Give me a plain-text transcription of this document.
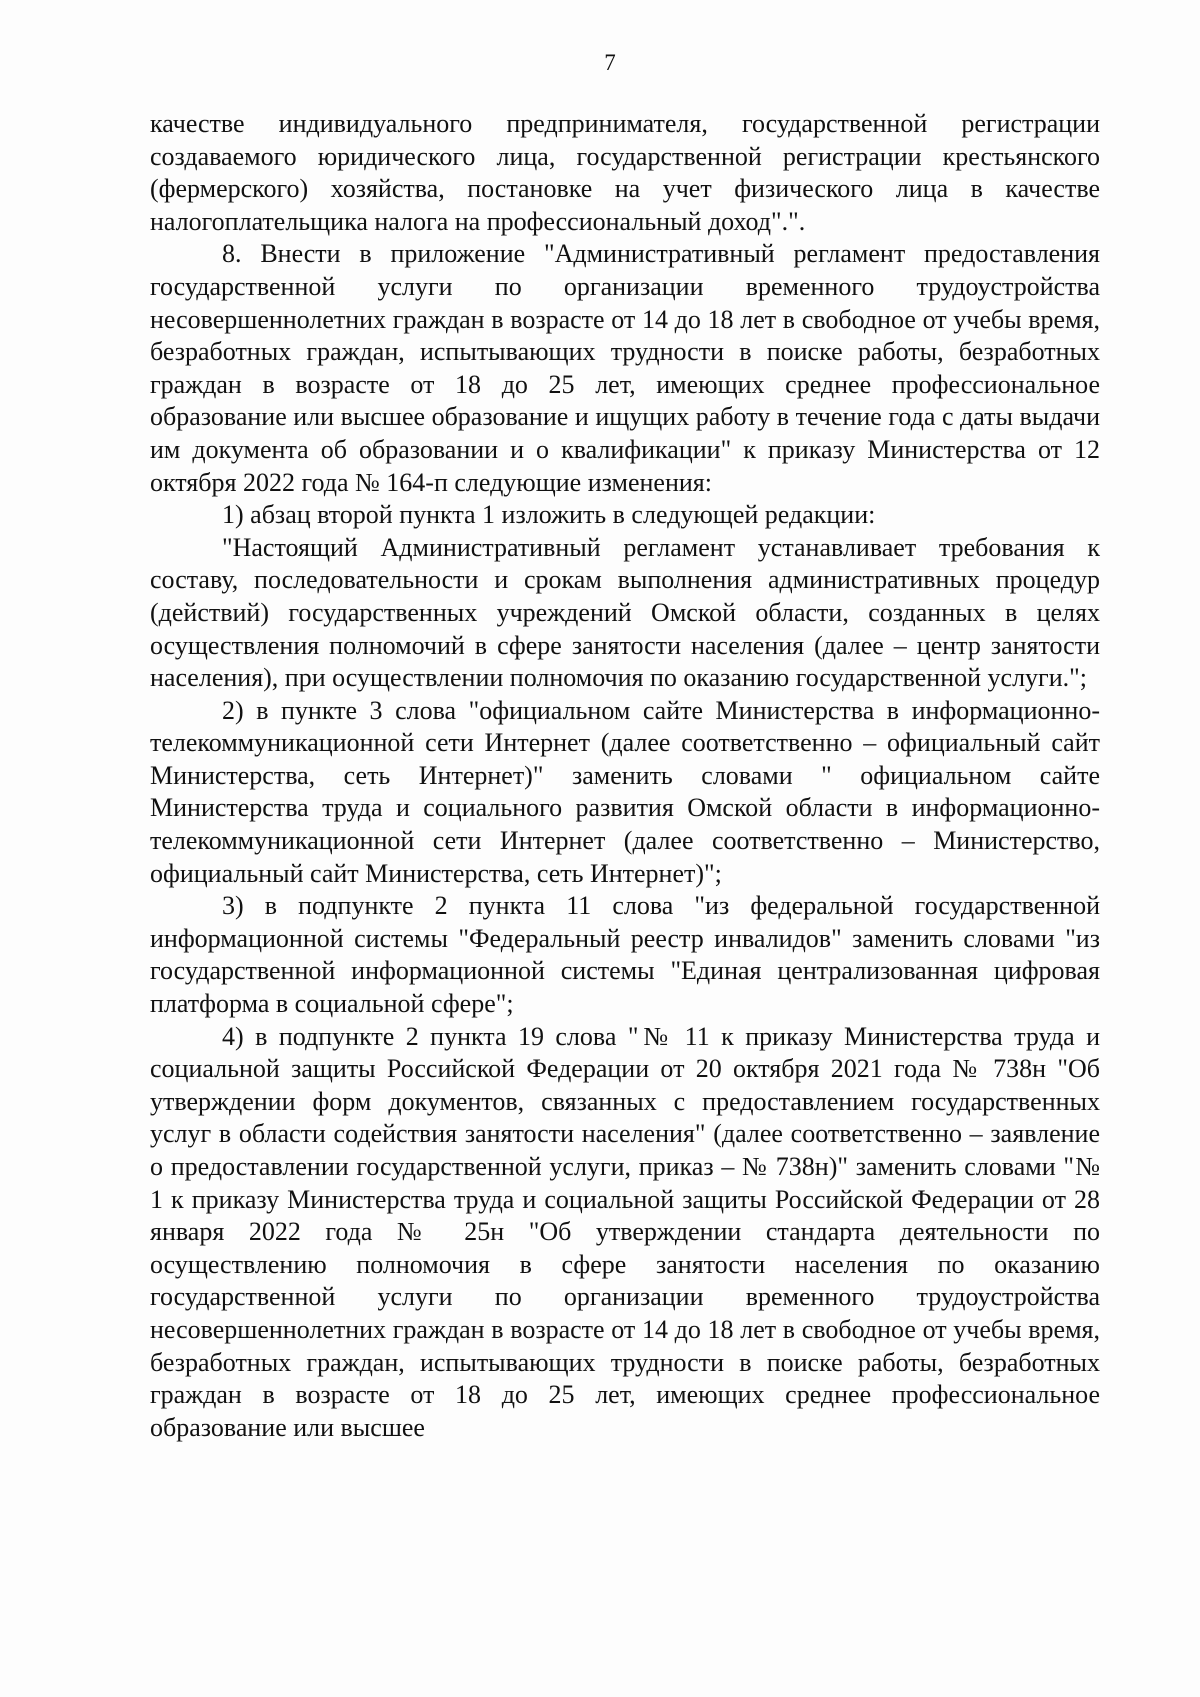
7

качестве индивидуального предпринимателя, государственной регистрации создаваемого юридического лица, государственной регистрации крестьянского (фермерского) хозяйства, постановке на учет физического лица в качестве налогоплательщика налога на профессиональный доход".".

8. Внести в приложение "Административный регламент предоставления государственной услуги по организации временного трудоустройства несовершеннолетних граждан в возрасте от 14 до 18 лет в свободное от учебы время, безработных граждан, испытывающих трудности в поиске работы, безработных граждан в возрасте от 18 до 25 лет, имеющих среднее профессиональное образование или высшее образование и ищущих работу в течение года с даты выдачи им документа об образовании и о квалификации" к приказу Министерства от 12 октября 2022 года № 164-п следующие изменения:

1) абзац второй пункта 1 изложить в следующей редакции:

"Настоящий Административный регламент устанавливает требования к составу, последовательности и срокам выполнения административных процедур (действий) государственных учреждений Омской области, созданных в целях осуществления полномочий в сфере занятости населения (далее – центр занятости населения), при осуществлении полномочия по оказанию государственной услуги.";

2) в пункте 3 слова "официальном сайте Министерства в информационно-телекоммуникационной сети Интернет (далее соответственно – официальный сайт Министерства, сеть Интернет)" заменить словами " официальном сайте Министерства труда и социального развития Омской области в информационно-телекоммуникационной сети Интернет (далее соответственно – Министерство, официальный сайт Министерства, сеть Интернет)";

3) в подпункте 2 пункта 11 слова "из федеральной государственной информационной системы "Федеральный реестр инвалидов" заменить словами "из государственной информационной системы "Единая централизованная цифровая платформа в социальной сфере";

4) в подпункте 2 пункта 19 слова "№ 11 к приказу Министерства труда и социальной защиты Российской Федерации от 20 октября 2021 года № 738н "Об утверждении форм документов, связанных с предоставлением государственных услуг в области содействия занятости населения" (далее соответственно – заявление о предоставлении государственной услуги, приказ – № 738н)" заменить словами "№ 1 к приказу Министерства труда и социальной защиты Российской Федерации от 28 января 2022 года № 25н "Об утверждении стандарта деятельности по осуществлению полномочия в сфере занятости населения по оказанию государственной услуги по организации временного трудоустройства несовершеннолетних граждан в возрасте от 14 до 18 лет в свободное от учебы время, безработных граждан, испытывающих трудности в поиске работы, безработных граждан в возрасте от 18 до 25 лет, имеющих среднее профессиональное образование или высшее
